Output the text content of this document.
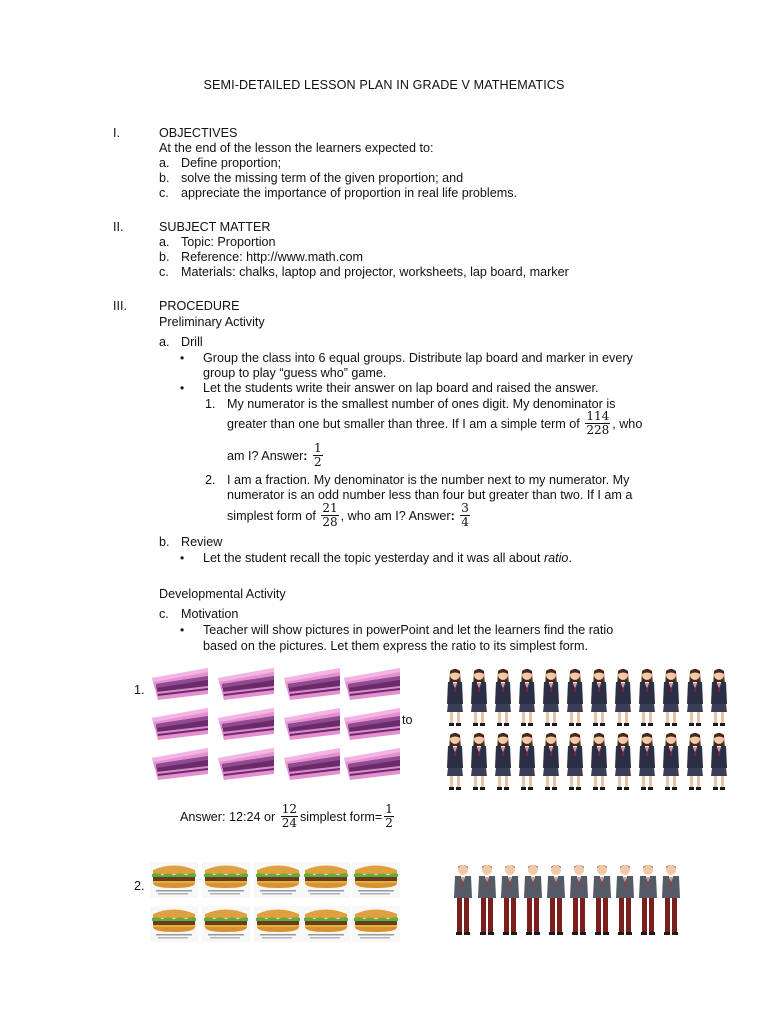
SEMI-DETAILED LESSON PLAN IN GRADE V MATHEMATICS
I.	OBJECTIVES
At the end of the lesson the learners expected to:
a. Define proportion;
b. solve the missing term of the given proportion; and
c. appreciate the importance of proportion in real life problems.
II.	SUBJECT MATTER
a. Topic: Proportion
b. Reference: http://www.math.com
c. Materials: chalks, laptop and projector, worksheets, lap board, marker
III.	PROCEDURE
Preliminary Activity
a. Drill
• Group the class into 6 equal groups. Distribute lap board and marker in every
group to play “guess who” game.
• Let the students write their answer on lap board and raised the answer.
1. My numerator is the smallest number of ones digit. My denominator is
greater than one but smaller than three. If I am a simple term of $\frac{114}{228}$ , who
am I? Answer: $\frac{1}{2}$
2. I am a fraction. My denominator is the number next to my numerator. My
numerator is an odd number less than four but greater than two. If I am a
simplest form of $\frac{21}{28}$ , who am I? Answer: $\frac{3}{4}$
b. Review
• Let the student recall the topic yesterday and it was all about ratio.
Developmental Activity
c. Motivation
• Teacher will show pictures in powerPoint and let the learners find the ratio
based on the pictures. Let them express the ratio to its simplest form.
1.
to
Answer: 12:24 or $\frac{12}{24}$ simplest form= $\frac{1}{2}$
2.
